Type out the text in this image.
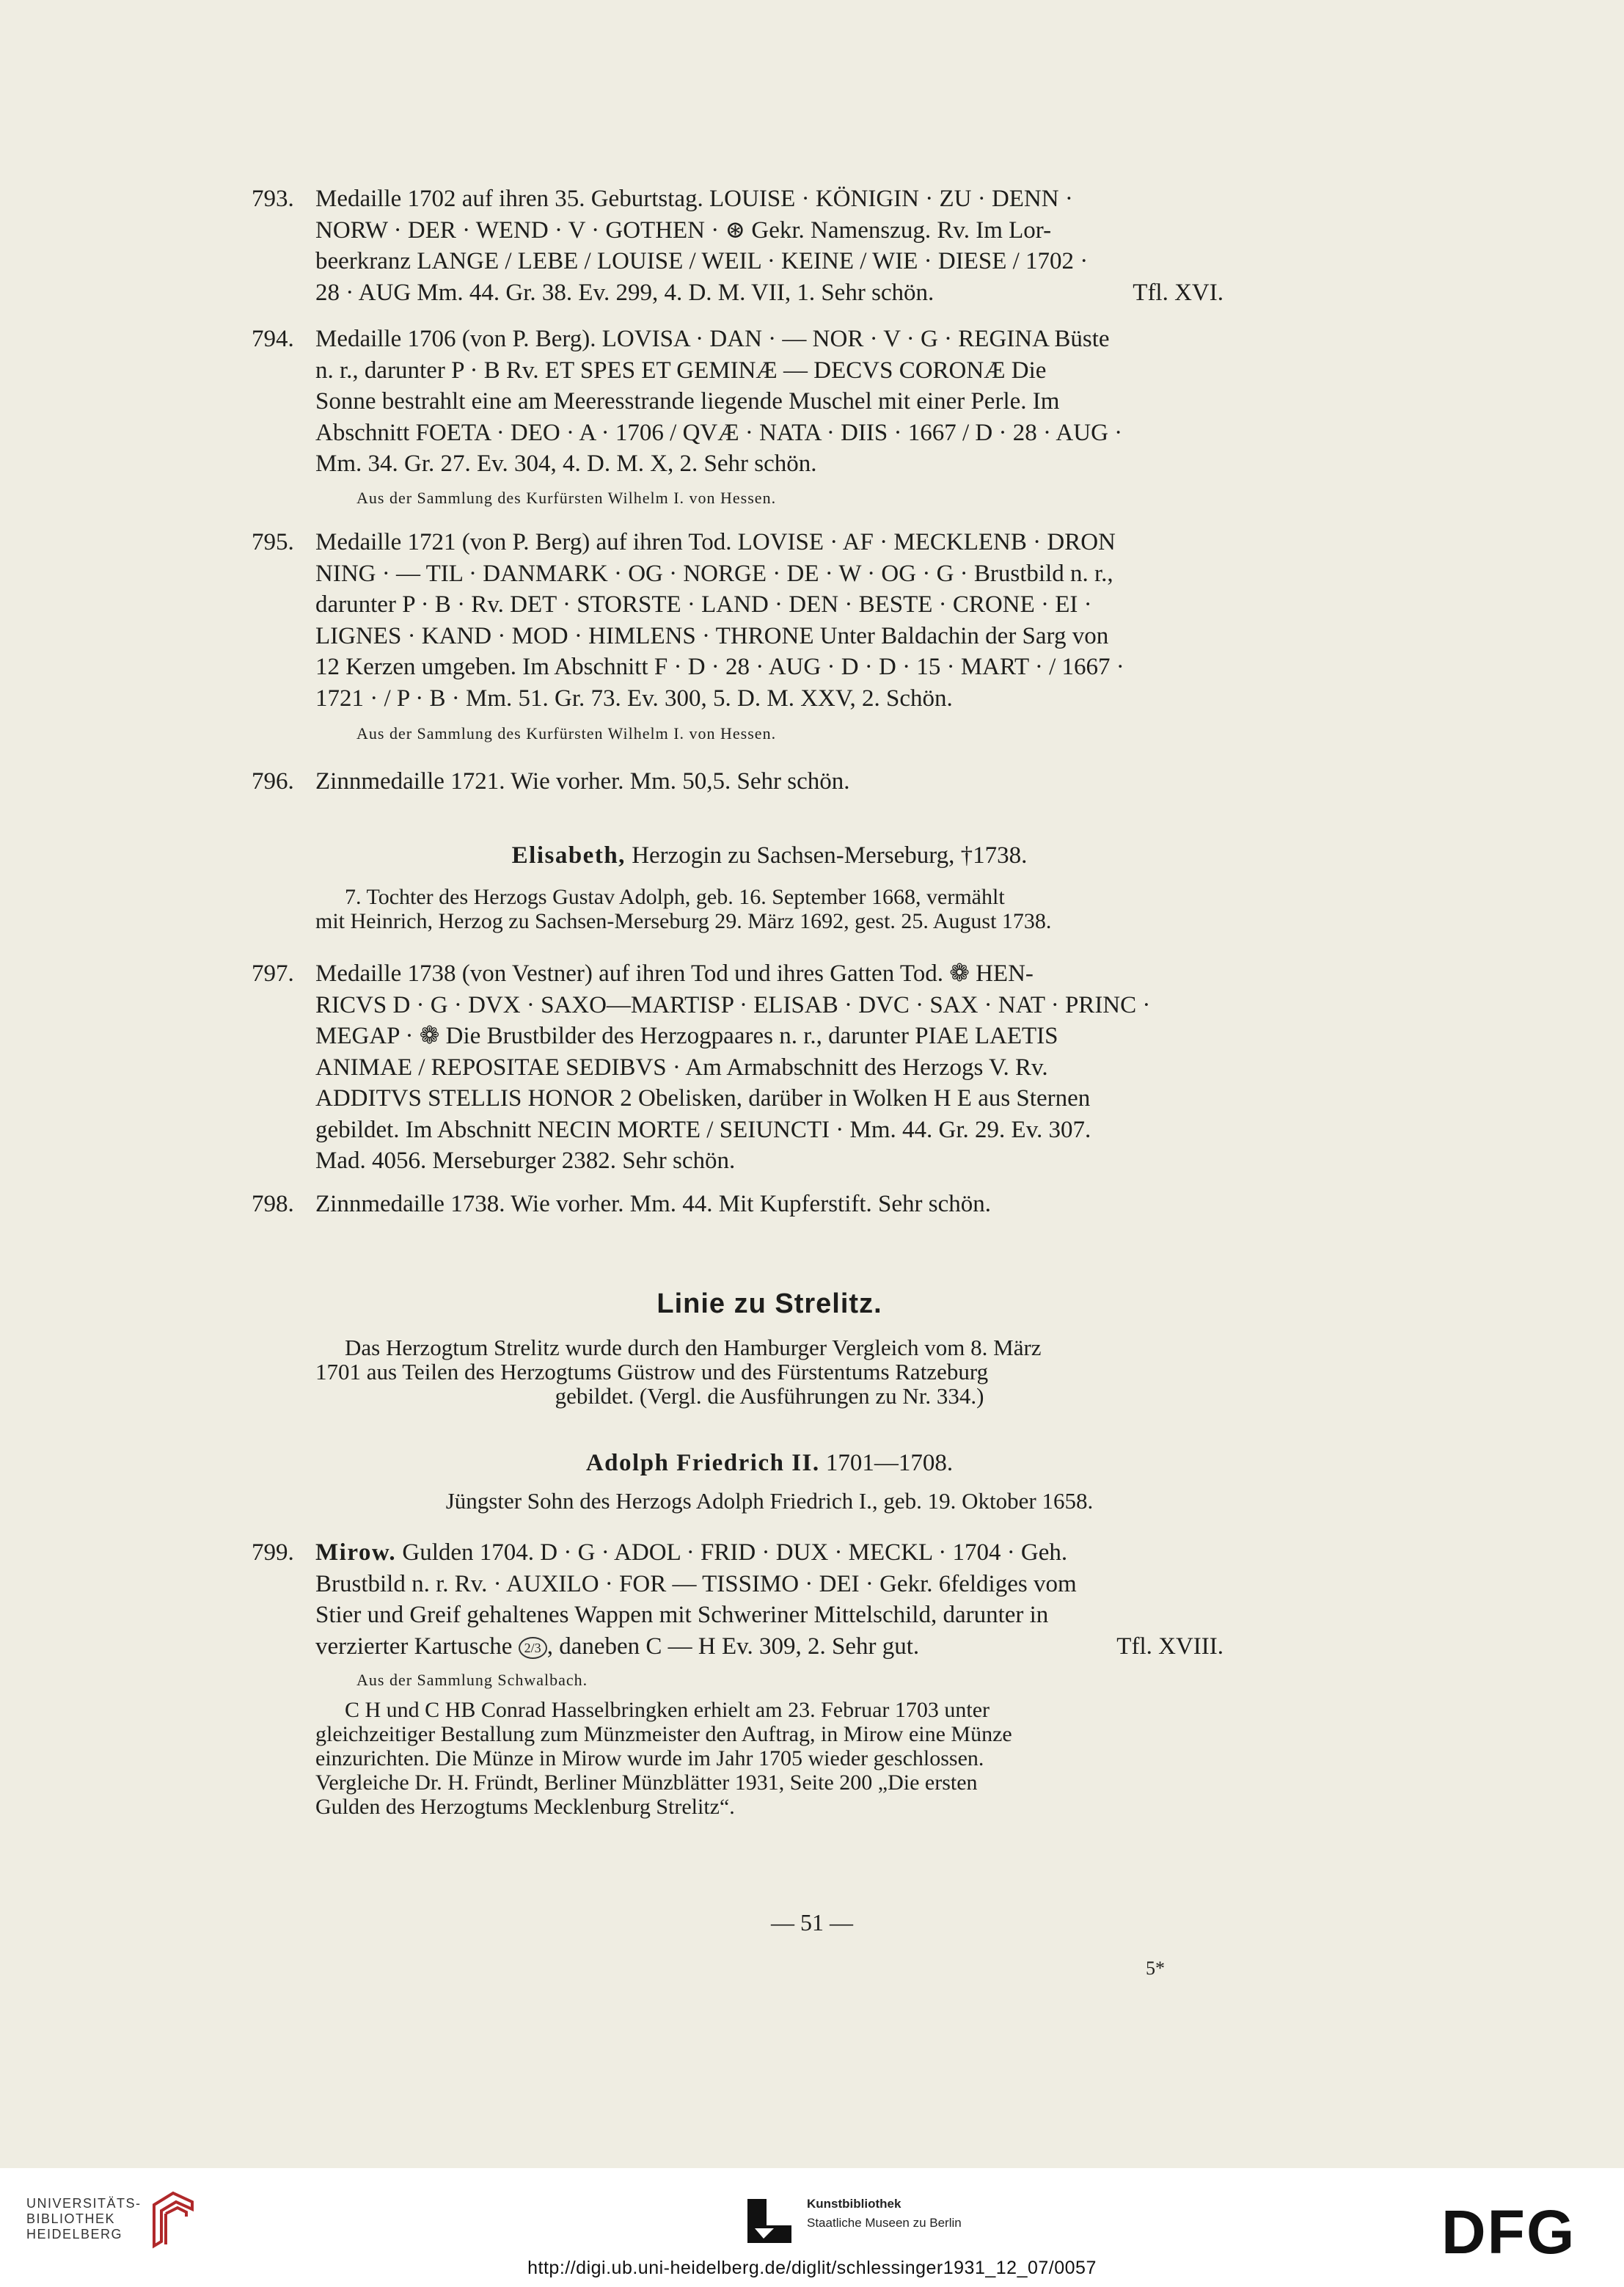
793. Medaille 1702 auf ihren 35. Geburtstag. LOUISE · KÖNIGIN · ZU · DENN ·

NORW · DER · WEND · V · GOTHEN · ⊛ Gekr. Namenszug. Rv. Im Lor-

beerkranz LANGE / LEBE / LOUISE / WEIL · KEINE / WIE · DIESE / 1702 ·

28 · AUG Mm. 44. Gr. 38. Ev. 299, 4. D. M. VII, 1. Sehr schön.	Tfl. XVI.

794. Medaille 1706 (von P. Berg). LOVISA · DAN · — NOR · V · G · REGINA Büste

n. r., darunter P · B Rv. ET SPES ET GEMINÆ — DECVS CORONÆ Die

Sonne bestrahlt eine am Meeresstrande liegende Muschel mit einer Perle. Im

Abschnitt FOETA · DEO · A · 1706 / QVÆ · NATA · DIIS · 1667 / D · 28 · AUG ·

Mm. 34. Gr. 27. Ev. 304, 4. D. M. X, 2. Sehr schön.

Aus der Sammlung des Kurfürsten Wilhelm I. von Hessen.
795. Medaille 1721 (von P. Berg) auf ihren Tod. LOVISE · AF · MECKLENB · DRON

NING · — TIL · DANMARK · OG · NORGE · DE · W · OG · G · Brustbild n. r.,

darunter P · B · Rv. DET · STORSTE · LAND · DEN · BESTE · CRONE · EI ·

LIGNES · KAND · MOD · HIMLENS · THRONE Unter Baldachin der Sarg von

12 Kerzen umgeben. Im Abschnitt F · D · 28 · AUG · D · D · 15 · MART · / 1667 ·

1721 · / P · B · Mm. 51. Gr. 73. Ev. 300, 5. D. M. XXV, 2. Schön.

Aus der Sammlung des Kurfürsten Wilhelm I. von Hessen.
796. Zinnmedaille 1721. Wie vorher. Mm. 50,5. Sehr schön.

Elisabeth, Herzogin zu Sachsen-Merseburg, †1738.
7. Tochter des Herzogs Gustav Adolph, geb. 16. September 1668, vermählt
mit Heinrich, Herzog zu Sachsen-Merseburg 29. März 1692, gest. 25. August 1738.
797. Medaille 1738 (von Vestner) auf ihren Tod und ihres Gatten Tod. ❁ HEN-

RICVS D · G · DVX · SAXO—MARTISP · ELISAB · DVC · SAX · NAT · PRINC ·

MEGAP · ❁ Die Brustbilder des Herzogpaares n. r., darunter PIAE LAETIS

ANIMAE / REPOSITAE SEDIBVS · Am Armabschnitt des Herzogs V. Rv.

ADDITVS STELLIS HONOR 2 Obelisken, darüber in Wolken H E aus Sternen

gebildet. Im Abschnitt NECIN MORTE / SEIUNCTI · Mm. 44. Gr. 29. Ev. 307.

Mad. 4056. Merseburger 2382. Sehr schön.

798. Zinnmedaille 1738. Wie vorher. Mm. 44. Mit Kupferstift. Sehr schön.

Linie zu Strelitz.
Das Herzogtum Strelitz wurde durch den Hamburger Vergleich vom 8. März
1701 aus Teilen des Herzogtums Güstrow und des Fürstentums Ratzeburg
gebildet. (Vergl. die Ausführungen zu Nr. 334.)
Adolph Friedrich II. 1701—1708.
Jüngster Sohn des Herzogs Adolph Friedrich I., geb. 19. Oktober 1658.
799. Mirow. Gulden 1704. D · G · ADOL · FRID · DUX · MECKL · 1704 · Geh.

Brustbild n. r. Rv. · AUXILO · FOR — TISSIMO · DEI · Gekr. 6feldiges vom

Stier und Greif gehaltenes Wappen mit Schweriner Mittelschild, darunter in

verzierter Kartusche 2/3 , daneben C — H Ev. 309, 2. Sehr gut.	Tfl. XVIII.

Aus der Sammlung Schwalbach.
C H und C HB Conrad Hasselbringken erhielt am 23. Februar 1703 unter
gleichzeitiger Bestallung zum Münzmeister den Auftrag, in Mirow eine Münze
einzurichten. Die Münze in Mirow wurde im Jahr 1705 wieder geschlossen.
Vergleiche Dr. H. Fründt, Berliner Münzblätter 1931, Seite 200 „Die ersten
Gulden des Herzogtums Mecklenburg Strelitz“.
— 51 —
5*
UNIVERSITÄTS-
BIBLIOTHEK
HEIDELBERG
Kunstbibliothek
Staatliche Museen zu Berlin	DFG
http://digi.ub.uni-heidelberg.de/diglit/schlessinger1931_12_07/0057
